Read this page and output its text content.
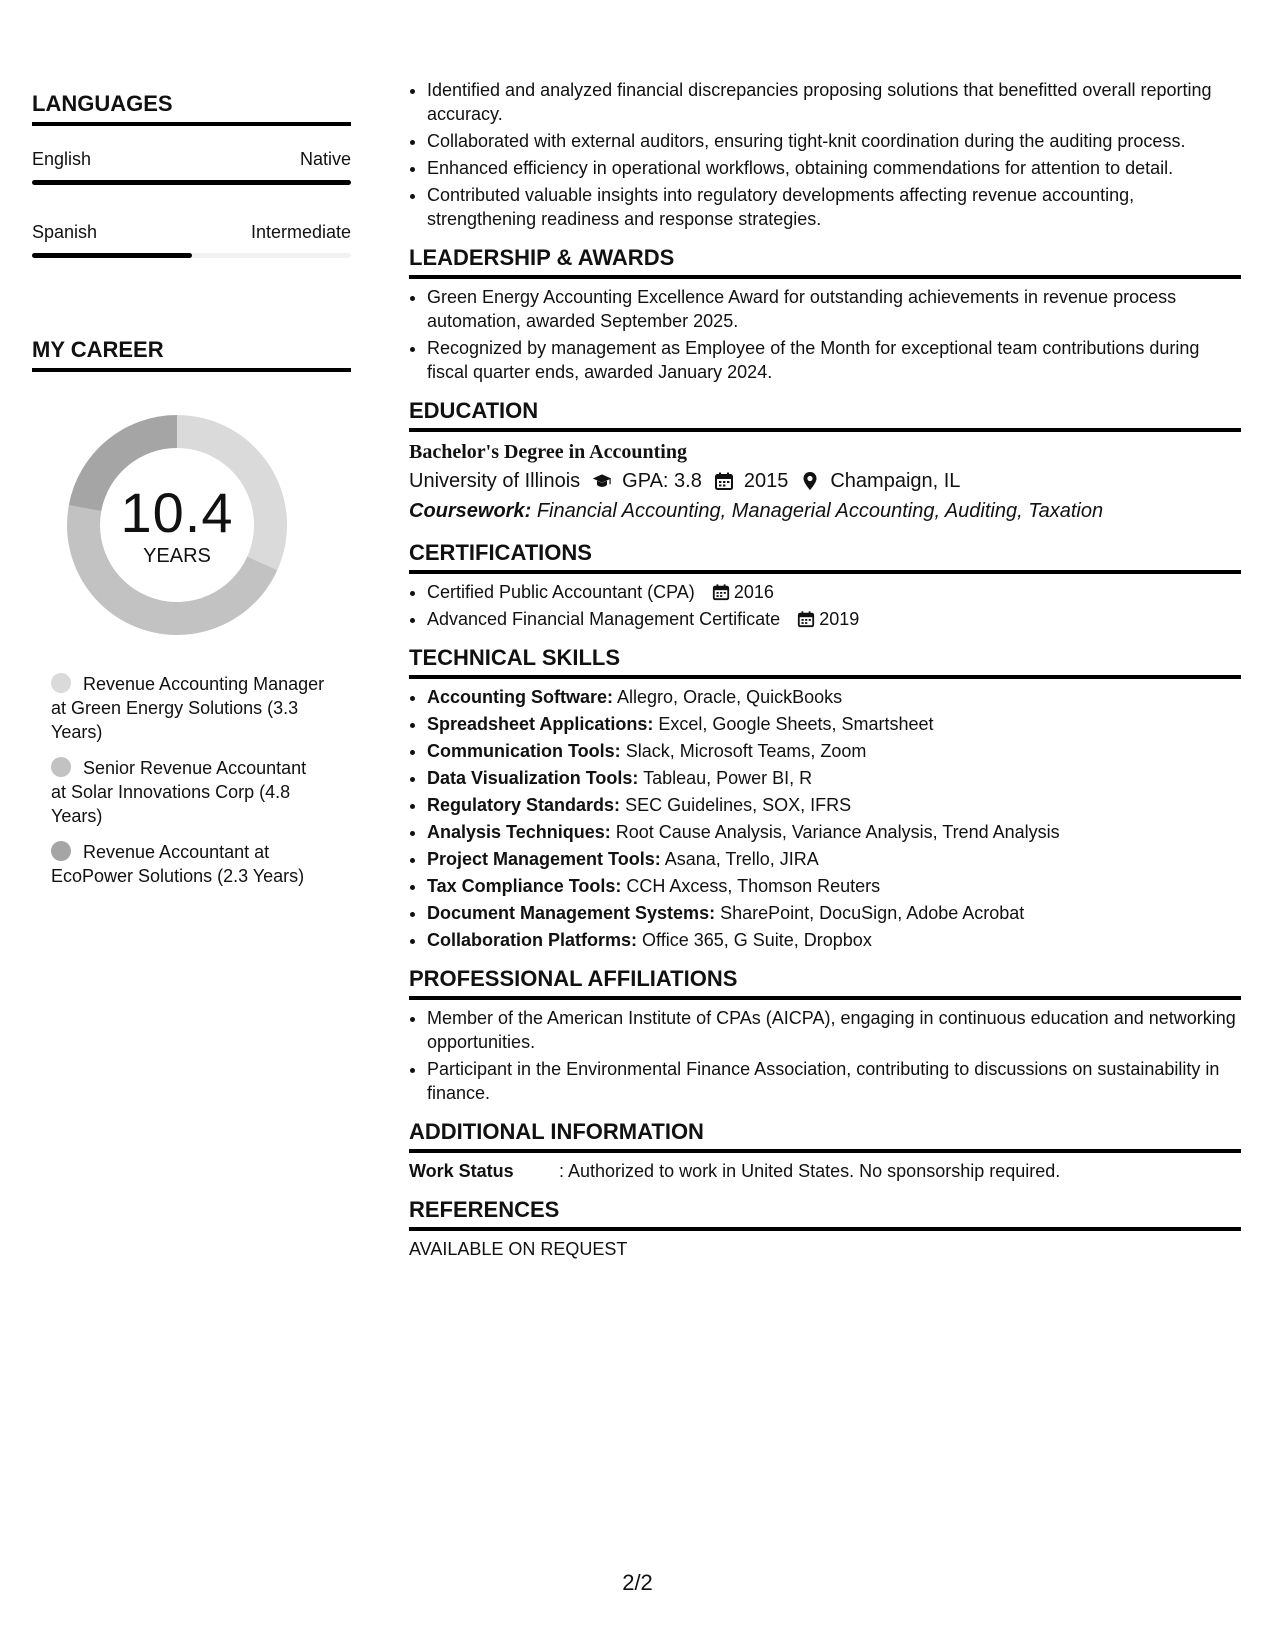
LANGUAGES
English	Native
Spanish	Intermediate
MY CAREER
10.4
YEARS
Revenue Accounting Manager at Green Energy Solutions (3.3 Years)
Senior Revenue Accountant at Solar Innovations Corp (4.8 Years)
Revenue Accountant at EcoPower Solutions (2.3 Years)
• Identified and analyzed financial discrepancies proposing solutions that benefitted overall reporting accuracy.
• Collaborated with external auditors, ensuring tight-knit coordination during the auditing process.
• Enhanced efficiency in operational workflows, obtaining commendations for attention to detail.
• Contributed valuable insights into regulatory developments affecting revenue accounting, strengthening readiness and response strategies.
LEADERSHIP & AWARDS
• Green Energy Accounting Excellence Award for outstanding achievements in revenue process automation, awarded September 2025.
• Recognized by management as Employee of the Month for exceptional team contributions during fiscal quarter ends, awarded January 2024.
EDUCATION
Bachelor's Degree in Accounting
University of Illinois GPA: 3.8 2015 Champaign, IL
Coursework: Financial Accounting, Managerial Accounting, Auditing, Taxation
CERTIFICATIONS
• Certified Public Accountant (CPA) 2016
• Advanced Financial Management Certificate 2019
TECHNICAL SKILLS
• Accounting Software: Allegro, Oracle, QuickBooks
• Spreadsheet Applications: Excel, Google Sheets, Smartsheet
• Communication Tools: Slack, Microsoft Teams, Zoom
• Data Visualization Tools: Tableau, Power BI, R
• Regulatory Standards: SEC Guidelines, SOX, IFRS
• Analysis Techniques: Root Cause Analysis, Variance Analysis, Trend Analysis
• Project Management Tools: Asana, Trello, JIRA
• Tax Compliance Tools: CCH Axcess, Thomson Reuters
• Document Management Systems: SharePoint, DocuSign, Adobe Acrobat
• Collaboration Platforms: Office 365, G Suite, Dropbox
PROFESSIONAL AFFILIATIONS
• Member of the American Institute of CPAs (AICPA), engaging in continuous education and networking opportunities.
• Participant in the Environmental Finance Association, contributing to discussions on sustainability in finance.
ADDITIONAL INFORMATION
Work Status	: Authorized to work in United States. No sponsorship required.
REFERENCES
AVAILABLE ON REQUEST
2/2
